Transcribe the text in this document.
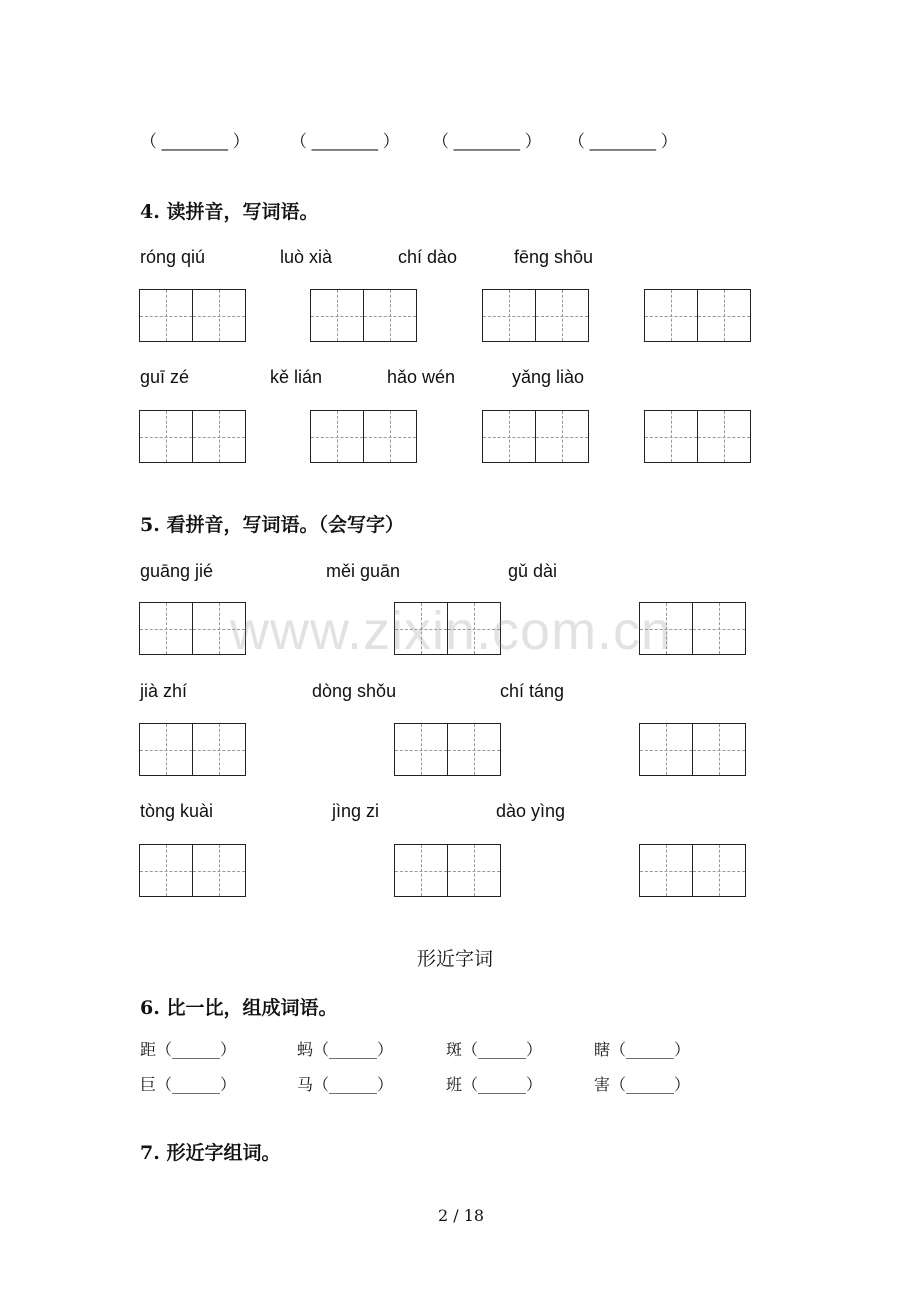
（ _______ ） （ _______ ） （ _______ ） （ _______ ）
4. 读拼音，写词语。
róng qiú	luò xià	chí dào	fēng shōu
guī zé	kě lián	hǎo wén	yǎng liào
5. 看拼音，写词语。（会写字）
guāng jié	měi guān	gǔ dài
jià zhí	dòng shǒu	chí táng
tòng kuài	jìng zi	dào yìng
www.zixin.com.cn
形近字词
6. 比一比，组成词语。
距（______）	蚂（______）	斑（______）	瞎（______）
巨（______）	马（______）	班（______）	害（______）
7. 形近字组词。
2 / 18
